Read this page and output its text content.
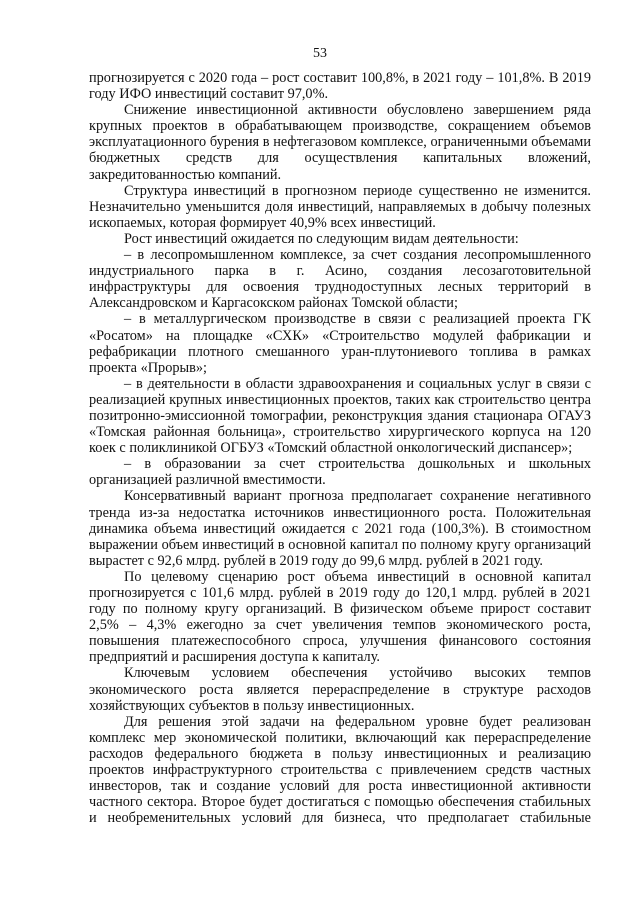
53

прогнозируется с 2020 года – рост составит 100,8%, в 2021 году – 101,8%. В 2019 году ИФО инвестиций составит 97,0%.

Снижение инвестиционной активности обусловлено завершением ряда крупных проектов в обрабатывающем производстве, сокращением объемов эксплуатационного бурения в нефтегазовом комплексе, ограниченными объемами бюджетных средств для осуществления капитальных вложений, закредитованностью компаний.

Структура инвестиций в прогнозном периоде существенно не изменится. Незначительно уменьшится доля инвестиций, направляемых в добычу полезных ископаемых, которая формирует 40,9% всех инвестиций.

Рост инвестиций ожидается по следующим видам деятельности:

– в лесопромышленном комплексе, за счет создания лесопромышленного индустриального парка в г. Асино, создания лесозаготовительной инфраструктуры для освоения труднодоступных лесных территорий в Александровском и Каргасокском районах Томской области;

– в металлургическом производстве в связи с реализацией проекта ГК «Росатом» на площадке «СХК» «Строительство модулей фабрикации и рефабрикации плотного смешанного уран-плутониевого топлива в рамках проекта «Прорыв»;

– в деятельности в области здравоохранения и социальных услуг в связи с реализацией крупных инвестиционных проектов, таких как строительство центра позитронно-эмиссионной томографии, реконструкция здания стационара ОГАУЗ «Томская районная больница», строительство хирургического корпуса на 120 коек с поликлиникой ОГБУЗ «Томский областной онкологический диспансер»;

– в образовании за счет строительства дошкольных и школьных организацией различной вместимости.

Консервативный вариант прогноза предполагает сохранение негативного тренда из-за недостатка источников инвестиционного роста. Положительная динамика объема инвестиций ожидается с 2021 года (100,3%). В стоимостном выражении объем инвестиций в основной капитал по полному кругу организаций вырастет с 92,6 млрд. рублей в 2019 году до 99,6 млрд. рублей в 2021 году.

По целевому сценарию рост объема инвестиций в основной капитал прогнозируется с 101,6 млрд. рублей в 2019 году до 120,1 млрд. рублей в 2021 году по полному кругу организаций. В физическом объеме прирост составит 2,5% – 4,3% ежегодно за счет увеличения темпов экономического роста, повышения платежеспособного спроса, улучшения финансового состояния предприятий и расширения доступа к капиталу.

Ключевым условием обеспечения устойчиво высоких темпов экономического роста является перераспределение в структуре расходов хозяйствующих субъектов в пользу инвестиционных.

Для решения этой задачи на федеральном уровне будет реализован комплекс мер экономической политики, включающий как перераспределение расходов федерального бюджета в пользу инвестиционных и реализацию проектов инфраструктурного строительства с привлечением средств частных инвесторов, так и создание условий для роста инвестиционной активности частного сектора. Второе будет достигаться с помощью обеспечения стабильных и необременительных условий для бизнеса, что предполагает стабильные
